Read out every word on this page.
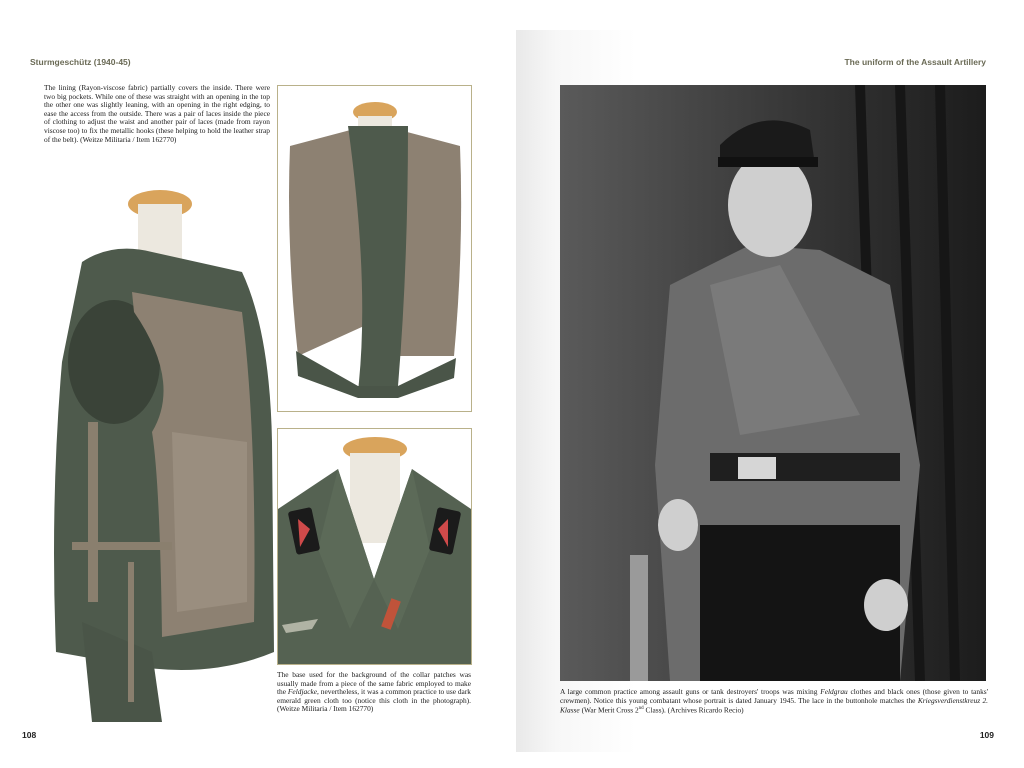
Sturmgeschütz (1940-45)
The lining (Rayon-viscose fabric) partially covers the inside. There were two big pockets. While one of these was straight with an opening in the top the other one was slightly leaning, with an opening in the right edging, to ease the access from the outside. There was a pair of laces inside the piece of clothing to adjust the waist and another pair of laces (made from rayon viscose too) to fix the metallic hooks (these helping to hold the leather strap of the belt). (Weitze Militaria / Item 162770)
The base used for the background of the collar patches was usually made from a piece of the same fabric employed to make the Feldjacke, nevertheless, it was a common practice to use dark emerald green cloth too (notice this cloth in the photograph). (Weitze Militaria / Item 162770)
108
The uniform of the Assault Artillery
A large common practice among assault guns or tank destroyers' troops was mixing Feldgrau clothes and black ones (those given to tanks' crewmen). Notice this young combatant whose portrait is dated January 1945. The lace in the buttonhole matches the Kriegsverdienstkreuz 2. Klasse (War Merit Cross 2nd Class). (Archives Ricardo Recio)
109
